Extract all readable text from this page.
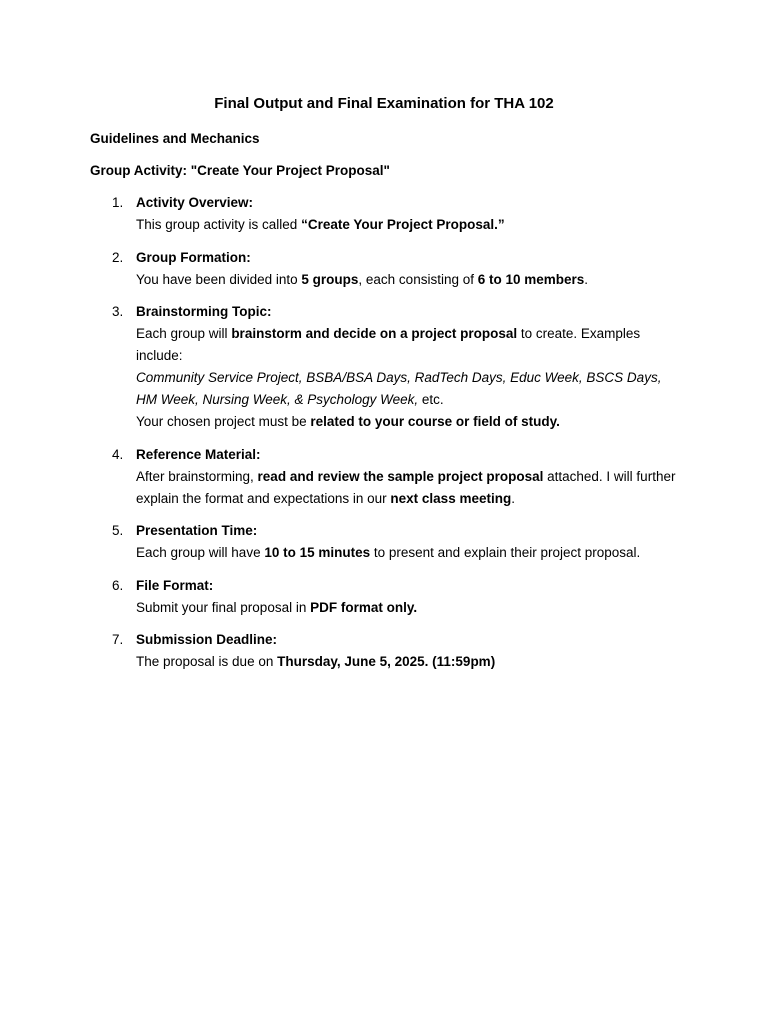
Final Output and Final Examination for THA 102

Guidelines and Mechanics

Group Activity: "Create Your Project Proposal"

1. Activity Overview:
This group activity is called “Create Your Project Proposal.”
2. Group Formation:
You have been divided into 5 groups, each consisting of 6 to 10 members.
3. Brainstorming Topic:
Each group will brainstorm and decide on a project proposal to create. Examples include:
Community Service Project, BSBA/BSA Days, RadTech Days, Educ Week, BSCS Days, HM Week, Nursing Week, & Psychology Week, etc.
Your chosen project must be related to your course or field of study.
4. Reference Material:
After brainstorming, read and review the sample project proposal attached. I will further explain the format and expectations in our next class meeting.
5. Presentation Time:
Each group will have 10 to 15 minutes to present and explain their project proposal.
6. File Format:
Submit your final proposal in PDF format only.
7. Submission Deadline:
The proposal is due on Thursday, June 5, 2025. (11:59pm)
